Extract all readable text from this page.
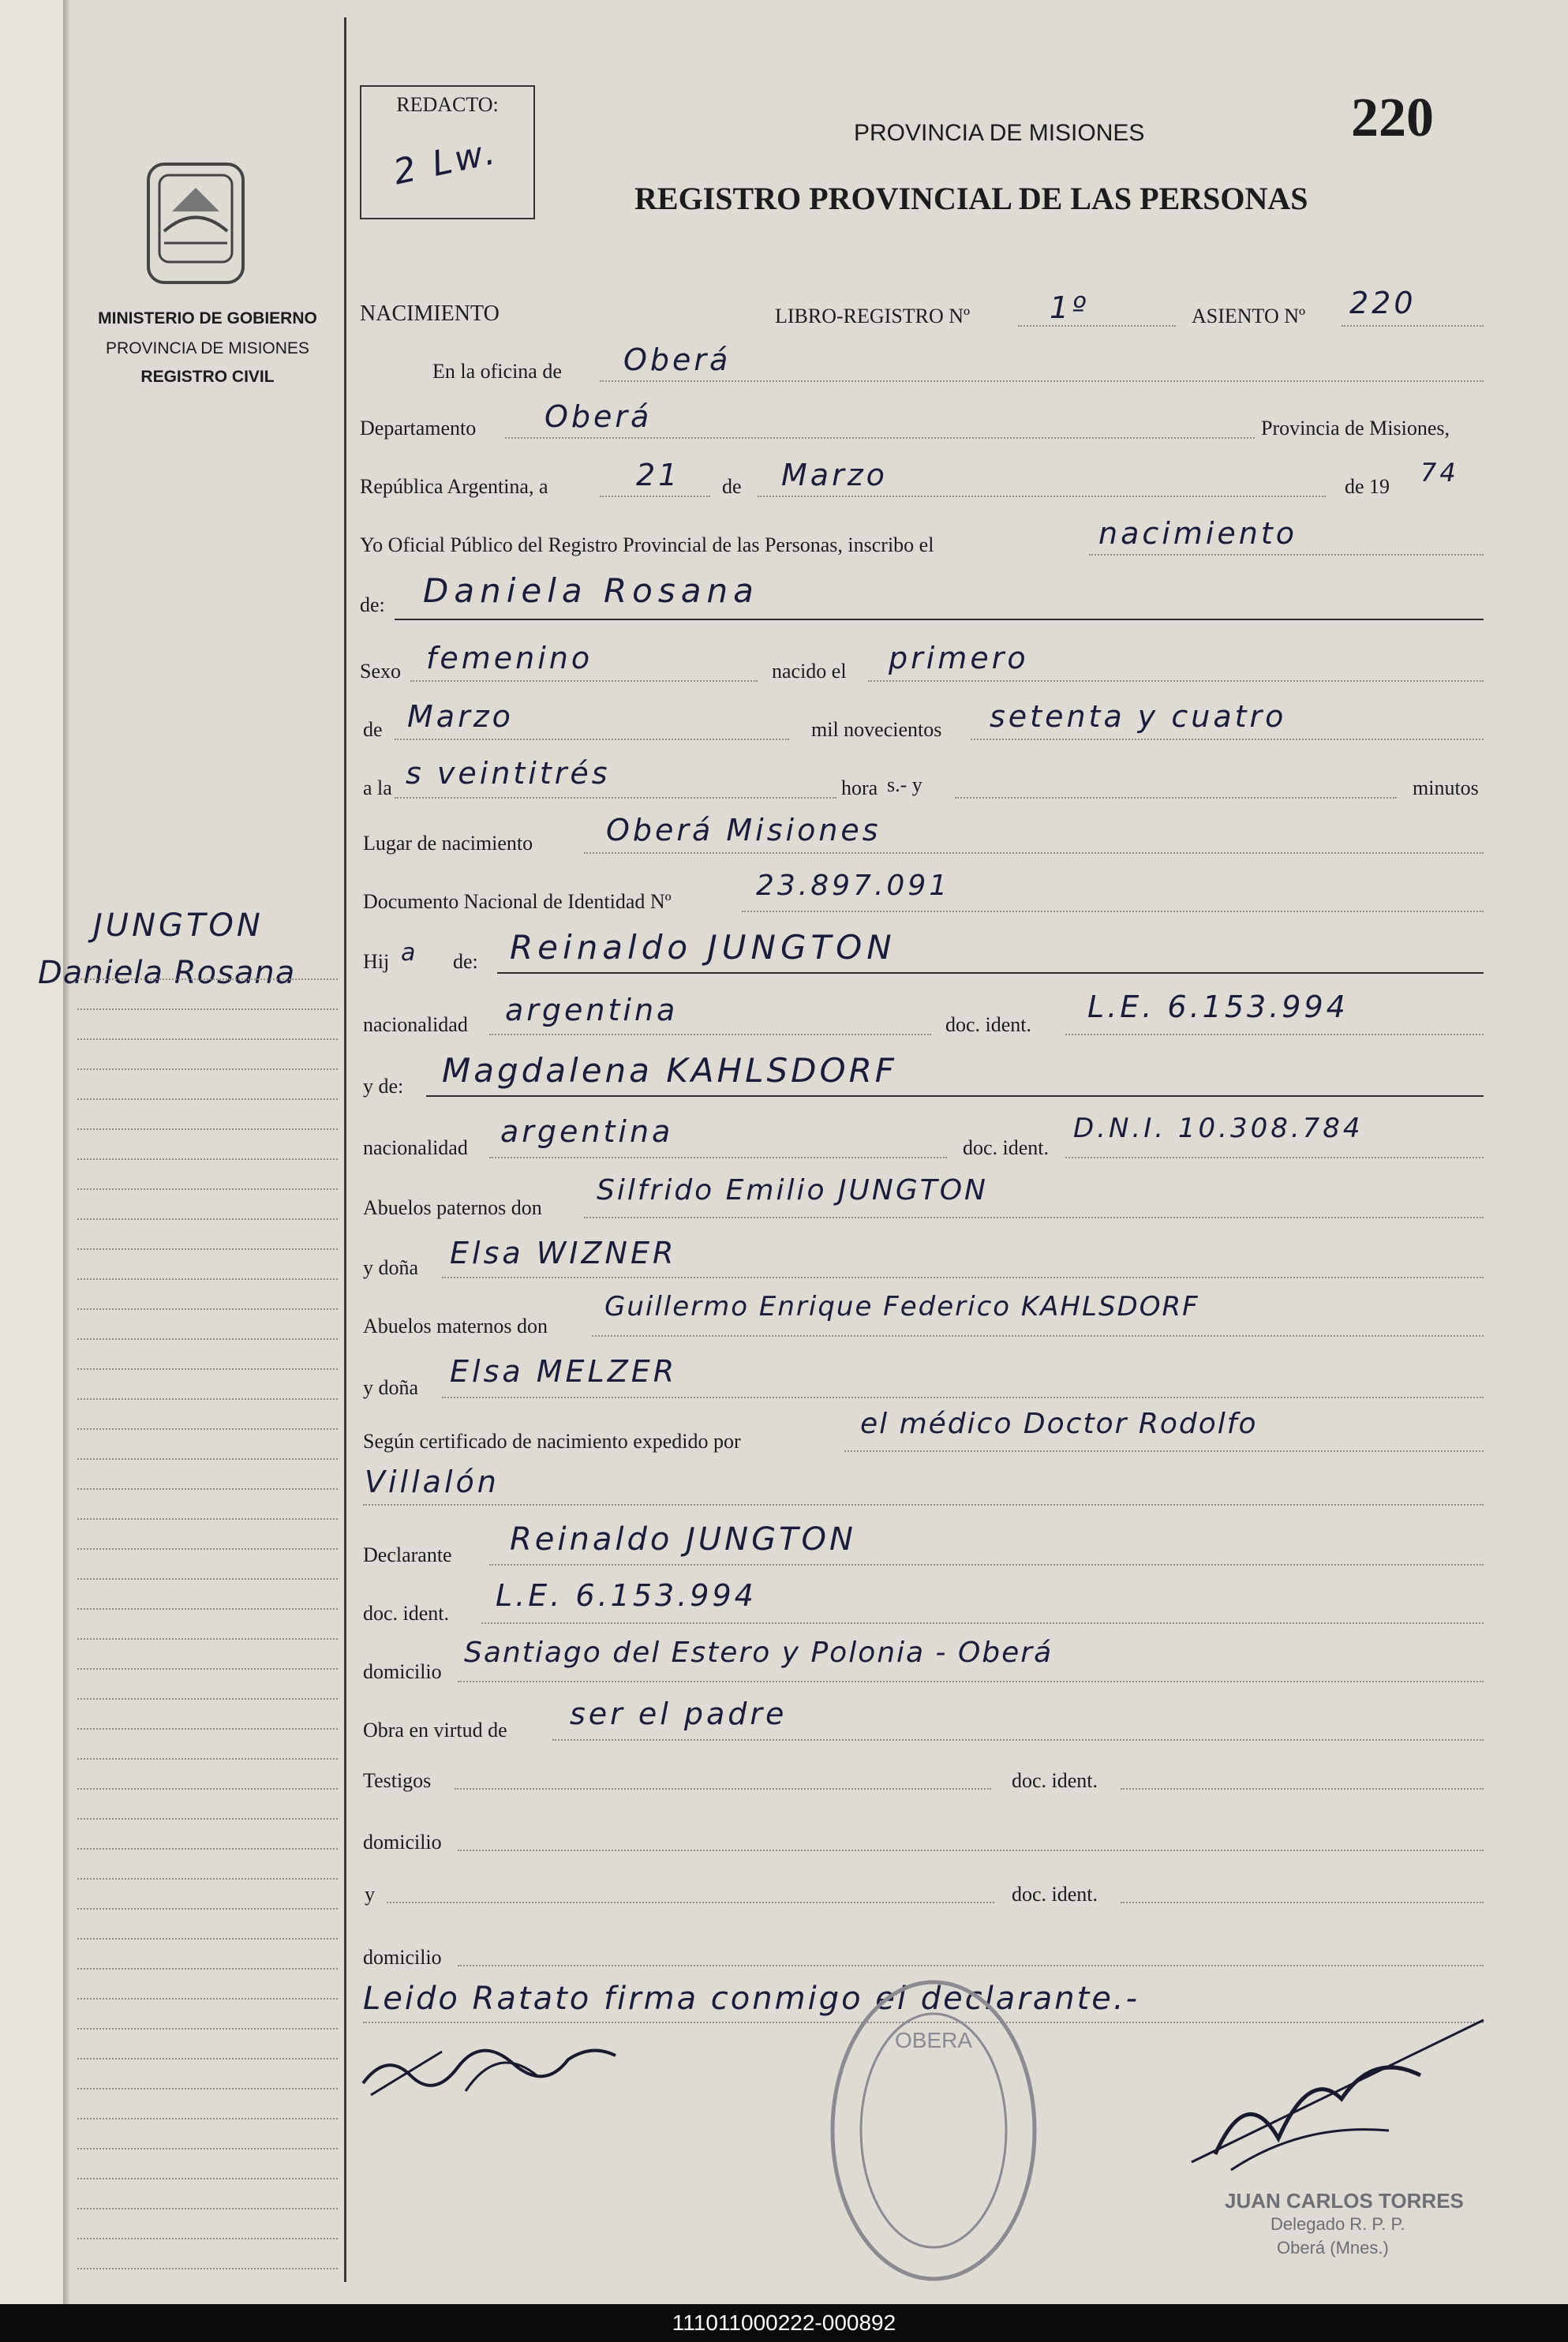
MINISTERIO DE GOBIERNO
PROVINCIA DE MISIONES
REGISTRO CIVIL
JUNGTON
Daniela Rosana
REDACTO:
2 Lw.	PROVINCIA DE MISIONES	220
REGISTRO PROVINCIAL DE LAS PERSONAS
NACIMIENTO	LIBRO-REGISTRO Nº	1º	ASIENTO Nº 220
En la oficina de Oberá
Departamento Oberá	Provincia de Misiones,
República Argentina, a	21 de Marzo	de 19 74
Yo Oficial Público del Registro Provincial de las Personas, inscribo el	nacimiento
de: Daniela Rosana
Sexo femenino	nacido el primero
de Marzo	mil novecientos setenta y cuatro
a la s veintitrés	hora s.- y	minutos
Lugar de nacimiento Oberá Misiones
Documento Nacional de Identidad Nº	23.897.091
Hij a de: Reinaldo JUNGTON
nacionalidad argentina	doc. ident.
L.E. 6.153.994
y de: Magdalena KAHLSDORF
nacionalidad argentina	doc. ident.
D.N.I. 10.308.784
Abuelos paternos don
Silfrido Emilio JUNGTON
y doña Elsa WIZNER
Abuelos maternos don
Guillermo Enrique Federico KAHLSDORF
y doña Elsa MELZER
Según certificado de nacimiento expedido por
el médico Doctor Rodolfo
Villalón
Declarante Reinaldo JUNGTON
doc. ident.
L.E. 6.153.994
domicilio
Santiago del Estero y Polonia - Oberá
Obra en virtud de ser el padre
Testigos	doc. ident.
domicilio
y	doc. ident.
domicilio
Leido Ratato firma conmigo el declarante.-
OBERA
JUAN CARLOS TORRES
Delegado R. P. P.
Oberá (Mnes.)
111011000222-000892
